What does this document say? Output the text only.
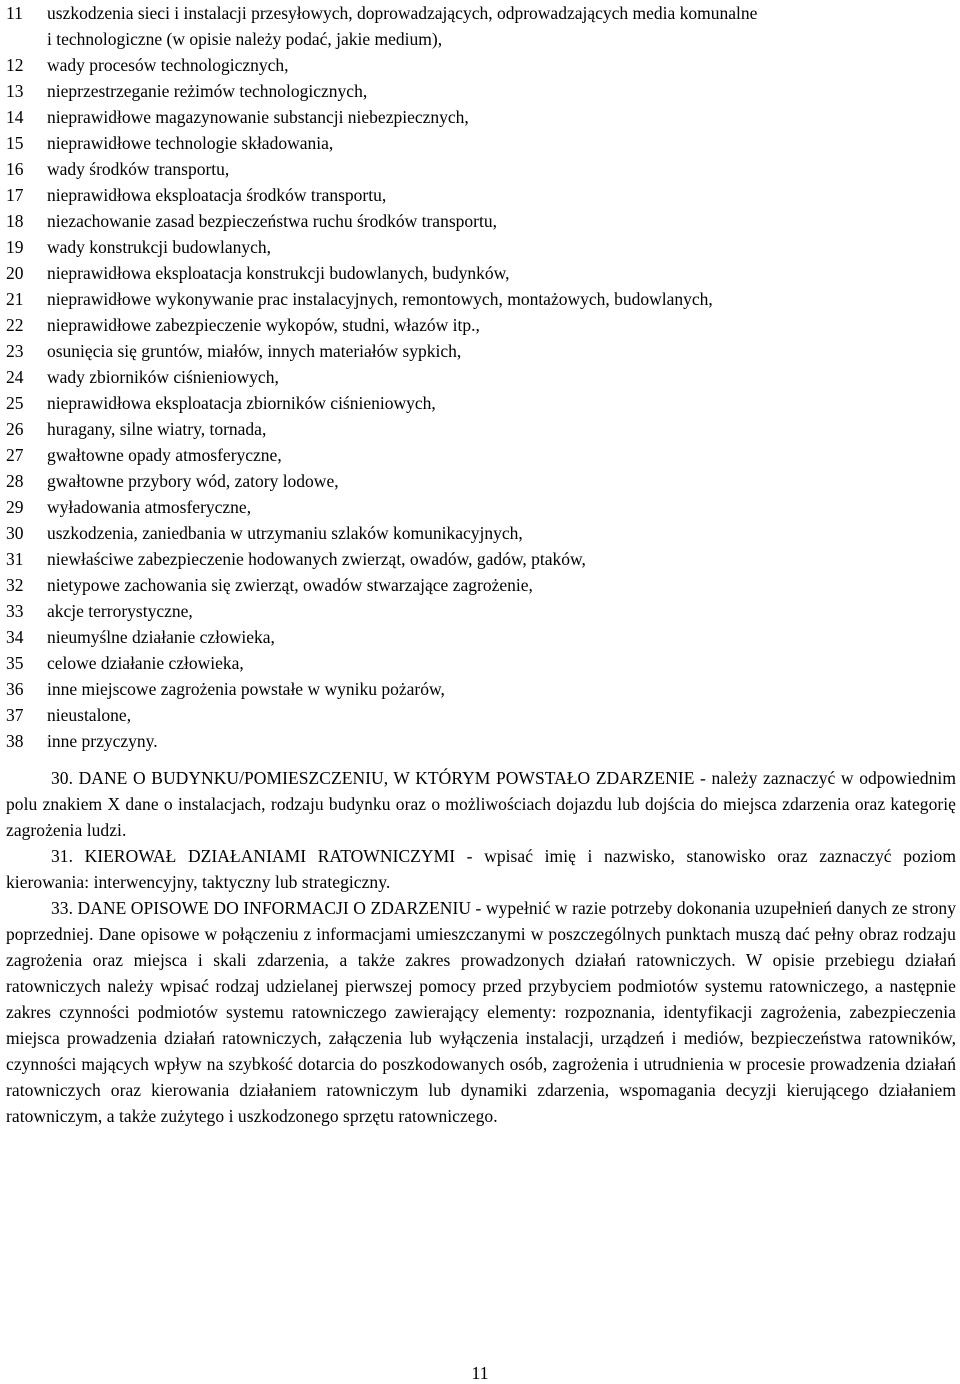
11	uszkodzenia sieci i instalacji przesyłowych, doprowadzających, odprowadzających media komunalne
i technologiczne (w opisie należy podać, jakie medium),
12	wady procesów technologicznych,
13	nieprzestrzeganie reżimów technologicznych,
14	nieprawidłowe magazynowanie substancji niebezpiecznych,
15	nieprawidłowe technologie składowania,
16	wady środków transportu,
17	nieprawidłowa eksploatacja środków transportu,
18	niezachowanie zasad bezpieczeństwa ruchu środków transportu,
19	wady konstrukcji budowlanych,
20	nieprawidłowa eksploatacja konstrukcji budowlanych, budynków,
21	nieprawidłowe wykonywanie prac instalacyjnych, remontowych, montażowych, budowlanych,
22	nieprawidłowe zabezpieczenie wykopów, studni, włazów itp.,
23	osunięcia się gruntów, miałów, innych materiałów sypkich,
24	wady zbiorników ciśnieniowych,
25	nieprawidłowa eksploatacja zbiorników ciśnieniowych,
26	huragany, silne wiatry, tornada,
27	gwałtowne opady atmosferyczne,
28	gwałtowne przybory wód, zatory lodowe,
29	wyładowania atmosferyczne,
30	uszkodzenia, zaniedbania w utrzymaniu szlaków komunikacyjnych,
31	niewłaściwe zabezpieczenie hodowanych zwierząt, owadów, gadów, ptaków,
32	nietypowe zachowania się zwierząt, owadów stwarzające zagrożenie,
33	akcje terrorystyczne,
34	nieumyślne działanie człowieka,
35	celowe działanie człowieka,
36	inne miejscowe zagrożenia powstałe w wyniku pożarów,
37	nieustalone,
38	inne przyczyny.

30. DANE O BUDYNKU/POMIESZCZENIU, W KTÓRYM POWSTAŁO ZDARZENIE - należy zaznaczyć w odpowiednim polu znakiem X dane o instalacjach, rodzaju budynku oraz o możliwościach dojazdu lub dojścia do miejsca zdarzenia oraz kategorię zagrożenia ludzi.

31. KIEROWAŁ DZIAŁANIAMI RATOWNICZYMI - wpisać imię i nazwisko, stanowisko oraz zaznaczyć poziom kierowania: interwencyjny, taktyczny lub strategiczny.

33. DANE OPISOWE DO INFORMACJI O ZDARZENIU - wypełnić w razie potrzeby dokonania uzupełnień danych ze strony poprzedniej. Dane opisowe w połączeniu z informacjami umieszczanymi w poszczególnych punktach muszą dać pełny obraz rodzaju zagrożenia oraz miejsca i skali zdarzenia, a także zakres prowadzonych działań ratowniczych. W opisie przebiegu działań ratowniczych należy wpisać rodzaj udzielanej pierwszej pomocy przed przybyciem podmiotów systemu ratowniczego, a następnie zakres czynności podmiotów systemu ratowniczego zawierający elementy: rozpoznania, identyfikacji zagrożenia, zabezpieczenia miejsca prowadzenia działań ratowniczych, załączenia lub wyłączenia instalacji, urządzeń i mediów, bezpieczeństwa ratowników, czynności mających wpływ na szybkość dotarcia do poszkodowanych osób, zagrożenia i utrudnienia w procesie prowadzenia działań ratowniczych oraz kierowania działaniem ratowniczym lub dynamiki zdarzenia, wspomagania decyzji kierującego działaniem ratowniczym, a także zużytego i uszkodzonego sprzętu ratowniczego.

11
